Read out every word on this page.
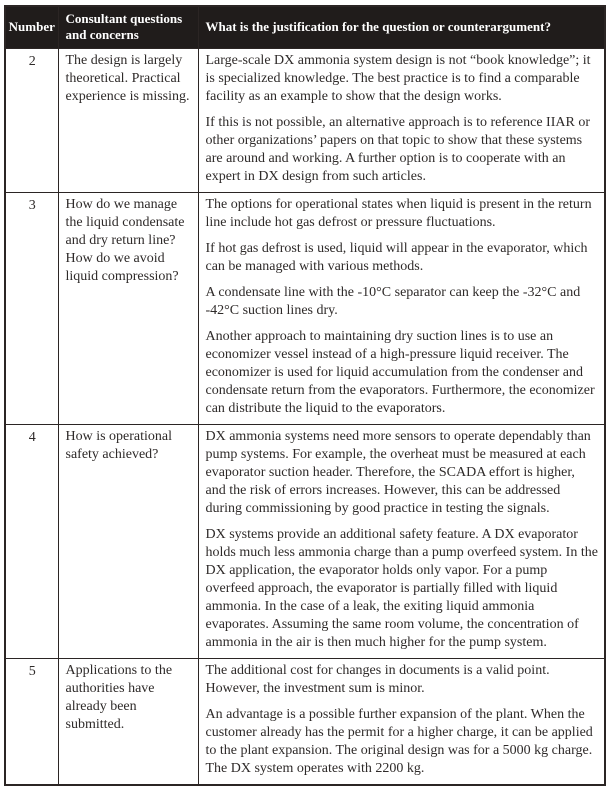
Number	Consultant questions and concerns	What is the justification for the question or counterargument?
2	The design is largely theoretical. Practical experience is missing.	Large-scale DX ammonia system design is not “book knowledge”; it is specialized knowledge. The best practice is to find a comparable facility as an example to show that the design works.

If this is not possible, an alternative approach is to reference IIAR or other organizations’ papers on that topic to show that these systems are around and working. A further option is to cooperate with an expert in DX design from such articles.

3	How do we manage the liquid condensate and dry return line? How do we avoid liquid compression?	The options for operational states when liquid is present in the return line include hot gas defrost or pressure fluctuations.

If hot gas defrost is used, liquid will appear in the evaporator, which can be managed with various methods.

A condensate line with the -10°C separator can keep the -32°C and -42°C suction lines dry.

Another approach to maintaining dry suction lines is to use an economizer vessel instead of a high-pressure liquid receiver. The economizer is used for liquid accumulation from the condenser and condensate return from the evaporators. Furthermore, the economizer can distribute the liquid to the evaporators.

4	How is operational safety achieved?	DX ammonia systems need more sensors to operate dependably than pump systems. For example, the overheat must be measured at each evaporator suction header. Therefore, the SCADA effort is higher, and the risk of errors increases. However, this can be addressed during commissioning by good practice in testing the signals.

DX systems provide an additional safety feature. A DX evaporator holds much less ammonia charge than a pump overfeed system. In the DX application, the evaporator holds only vapor. For a pump overfeed approach, the evaporator is partially filled with liquid ammonia. In the case of a leak, the exiting liquid ammonia evaporates. Assuming the same room volume, the concentration of ammonia in the air is then much higher for the pump system.

5	Applications to the authorities have already been submitted.	The additional cost for changes in documents is a valid point. However, the investment sum is minor.

An advantage is a possible further expansion of the plant. When the customer already has the permit for a higher charge, it can be applied to the plant expansion. The original design was for a 5000 kg charge. The DX system operates with 2200 kg.
